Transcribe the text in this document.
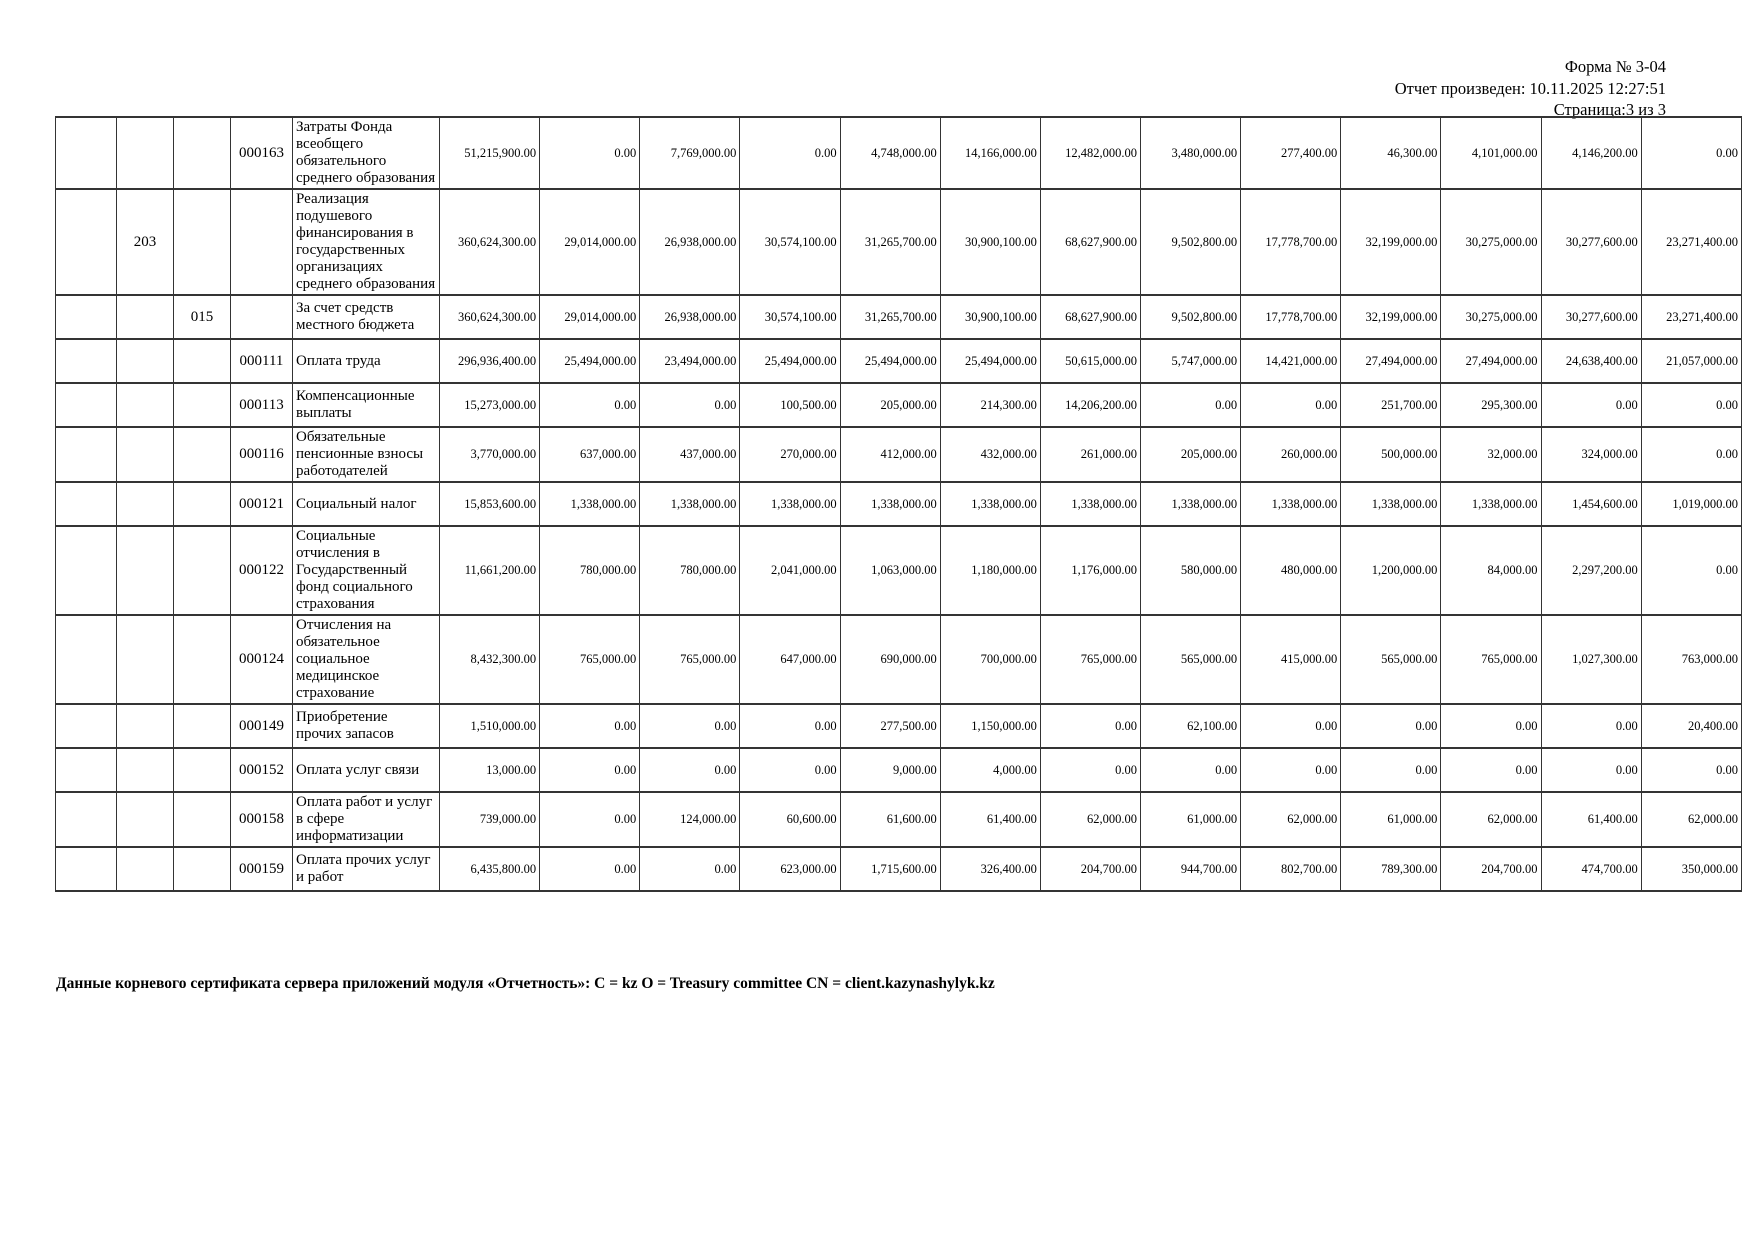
Форма № 3-04
Отчет произведен: 10.11.2025 12:27:51
Страница:3 из 3
			000163	Затраты Фонда всеобщего обязательного среднего образования	51,215,900.00	0.00	7,769,000.00	0.00	4,748,000.00	14,166,000.00	12,482,000.00	3,480,000.00	277,400.00	46,300.00	4,101,000.00	4,146,200.00	0.00
	203			Реализация подушевого финансирования в государственных организациях среднего образования	360,624,300.00	29,014,000.00	26,938,000.00	30,574,100.00	31,265,700.00	30,900,100.00	68,627,900.00	9,502,800.00	17,778,700.00	32,199,000.00	30,275,000.00	30,277,600.00	23,271,400.00
		015		За счет средств местного бюджета	360,624,300.00	29,014,000.00	26,938,000.00	30,574,100.00	31,265,700.00	30,900,100.00	68,627,900.00	9,502,800.00	17,778,700.00	32,199,000.00	30,275,000.00	30,277,600.00	23,271,400.00
			000111	Оплата труда	296,936,400.00	25,494,000.00	23,494,000.00	25,494,000.00	25,494,000.00	25,494,000.00	50,615,000.00	5,747,000.00	14,421,000.00	27,494,000.00	27,494,000.00	24,638,400.00	21,057,000.00
			000113	Компенсационные выплаты	15,273,000.00	0.00	0.00	100,500.00	205,000.00	214,300.00	14,206,200.00	0.00	0.00	251,700.00	295,300.00	0.00	0.00
			000116	Обязательные пенсионные взносы работодателей	3,770,000.00	637,000.00	437,000.00	270,000.00	412,000.00	432,000.00	261,000.00	205,000.00	260,000.00	500,000.00	32,000.00	324,000.00	0.00
			000121	Социальный налог	15,853,600.00	1,338,000.00	1,338,000.00	1,338,000.00	1,338,000.00	1,338,000.00	1,338,000.00	1,338,000.00	1,338,000.00	1,338,000.00	1,338,000.00	1,454,600.00	1,019,000.00
			000122	Социальные отчисления в Государственный фонд социального страхования	11,661,200.00	780,000.00	780,000.00	2,041,000.00	1,063,000.00	1,180,000.00	1,176,000.00	580,000.00	480,000.00	1,200,000.00	84,000.00	2,297,200.00	0.00
			000124	Отчисления на обязательное социальное медицинское страхование	8,432,300.00	765,000.00	765,000.00	647,000.00	690,000.00	700,000.00	765,000.00	565,000.00	415,000.00	565,000.00	765,000.00	1,027,300.00	763,000.00
			000149	Приобретение прочих запасов	1,510,000.00	0.00	0.00	0.00	277,500.00	1,150,000.00	0.00	62,100.00	0.00	0.00	0.00	0.00	20,400.00
			000152	Оплата услуг связи	13,000.00	0.00	0.00	0.00	9,000.00	4,000.00	0.00	0.00	0.00	0.00	0.00	0.00	0.00
			000158	Оплата работ и услуг в сфере информатизации	739,000.00	0.00	124,000.00	60,600.00	61,600.00	61,400.00	62,000.00	61,000.00	62,000.00	61,000.00	62,000.00	61,400.00	62,000.00
			000159	Оплата прочих услуг и работ	6,435,800.00	0.00	0.00	623,000.00	1,715,600.00	326,400.00	204,700.00	944,700.00	802,700.00	789,300.00	204,700.00	474,700.00	350,000.00
Данные корневого сертификата сервера приложений модуля «Отчетность»: C = kz O = Treasury committee CN = client.kazynashylyk.kz
